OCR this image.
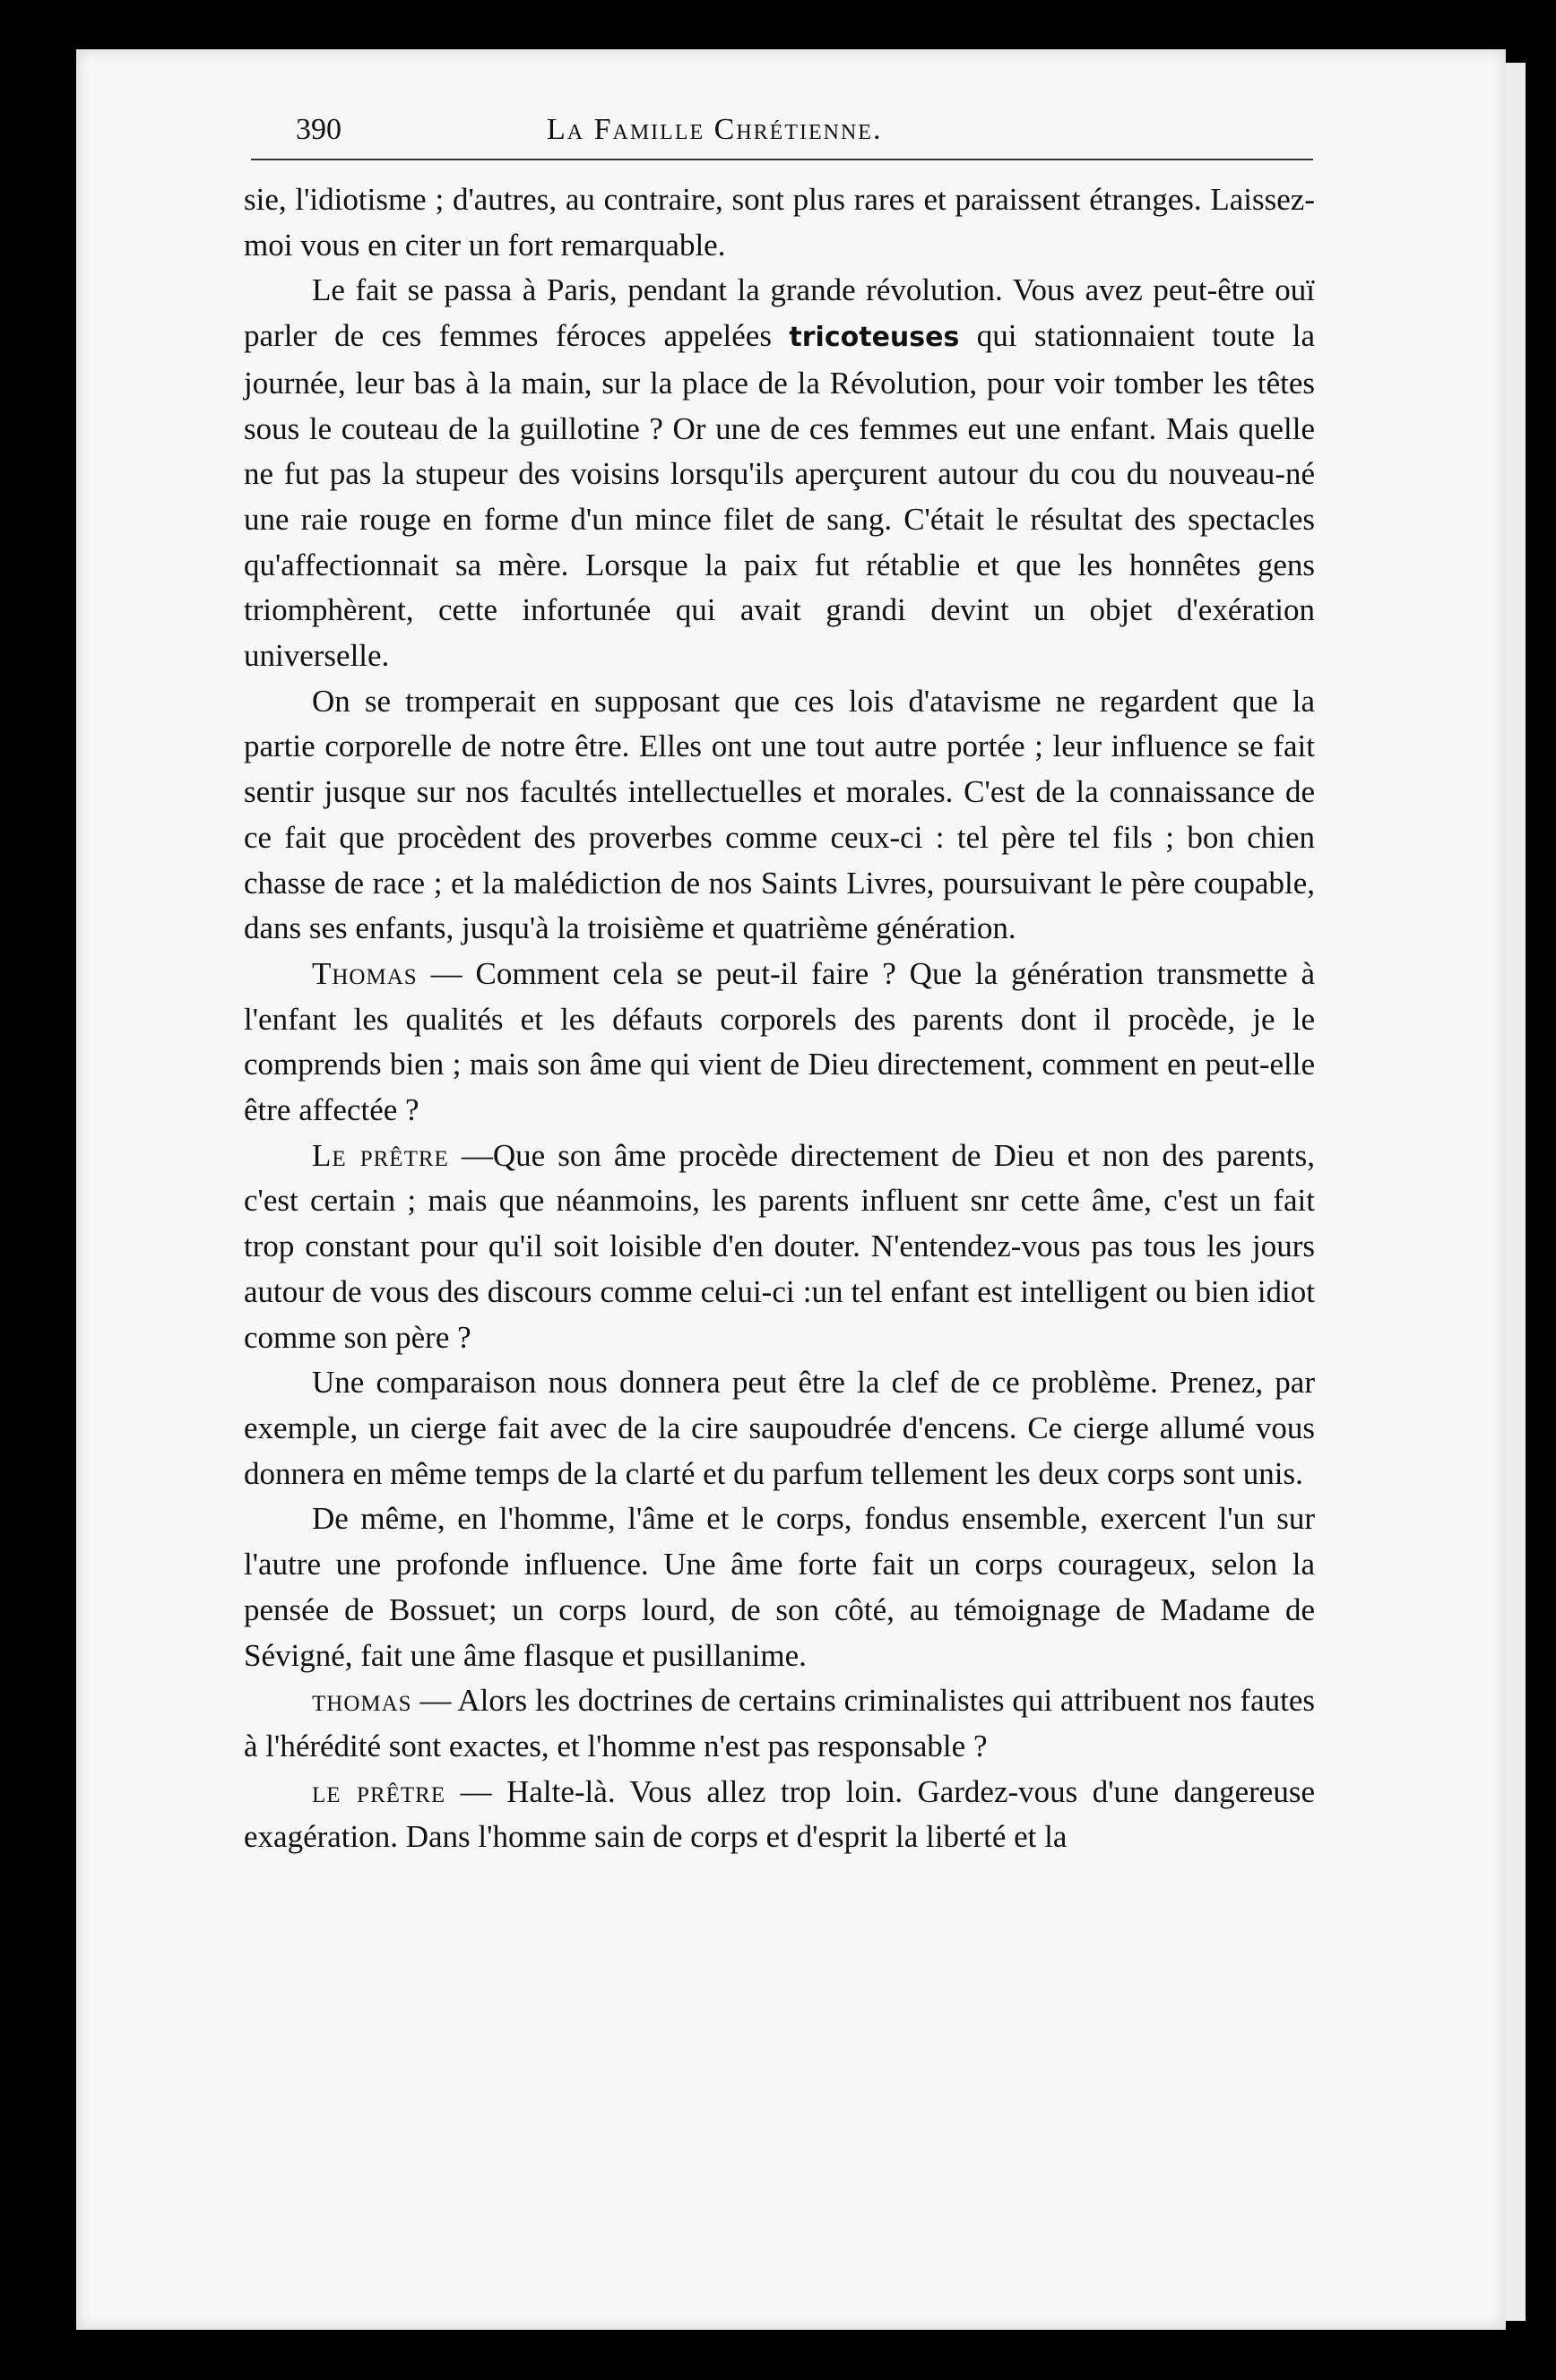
390	La Famille Chrétienne.

sie, l'idiotisme ; d'autres, au contraire, sont plus rares et paraissent étranges. Laissez-moi vous en citer un fort remarquable.

Le fait se passa à Paris, pendant la grande révolution. Vous avez peut-être ouï parler de ces femmes féroces appelées tricoteuses qui stationnaient toute la journée, leur bas à la main, sur la place de la Révolution, pour voir tomber les têtes sous le couteau de la guillotine ? Or une de ces femmes eut une enfant. Mais quelle ne fut pas la stupeur des voisins lorsqu'ils aperçurent autour du cou du nouveau-né une raie rouge en forme d'un mince filet de sang. C'était le résultat des spectacles qu'affectionnait sa mère. Lorsque la paix fut rétablie et que les honnêtes gens triomphèrent, cette infortunée qui avait grandi devint un objet d'exération universelle.

On se tromperait en supposant que ces lois d'atavisme ne regardent que la partie corporelle de notre être. Elles ont une tout autre portée ; leur influence se fait sentir jusque sur nos facultés intellectuelles et morales. C'est de la connaissance de ce fait que procèdent des proverbes comme ceux-ci : tel père tel fils ; bon chien chasse de race ; et la malédiction de nos Saints Livres, poursuivant le père coupable, dans ses enfants, jusqu'à la troisième et quatrième génération.

Thomas — Comment cela se peut-il faire ? Que la génération transmette à l'enfant les qualités et les défauts corporels des parents dont il procède, je le comprends bien ; mais son âme qui vient de Dieu directement, comment en peut-elle être affectée ?

Le prêtre —Que son âme procède directement de Dieu et non des parents, c'est certain ; mais que néanmoins, les parents influent snr cette âme, c'est un fait trop constant pour qu'il soit loisible d'en douter. N'entendez-vous pas tous les jours autour de vous des discours comme celui-ci :un tel enfant est intelligent ou bien idiot comme son père ?

Une comparaison nous donnera peut être la clef de ce problème. Prenez, par exemple, un cierge fait avec de la cire saupoudrée d'encens. Ce cierge allumé vous donnera en même temps de la clarté et du parfum tellement les deux corps sont unis.

De même, en l'homme, l'âme et le corps, fondus ensemble, exercent l'un sur l'autre une profonde influence. Une âme forte fait un corps courageux, selon la pensée de Bossuet; un corps lourd, de son côté, au témoignage de Madame de Sévigné, fait une âme flasque et pusillanime.

thomas — Alors les doctrines de certains criminalistes qui attribuent nos fautes à l'hérédité sont exactes, et l'homme n'est pas responsable ?

le prêtre — Halte-là. Vous allez trop loin. Gardez-vous d'une dangereuse exagération. Dans l'homme sain de corps et d'esprit la liberté et la
